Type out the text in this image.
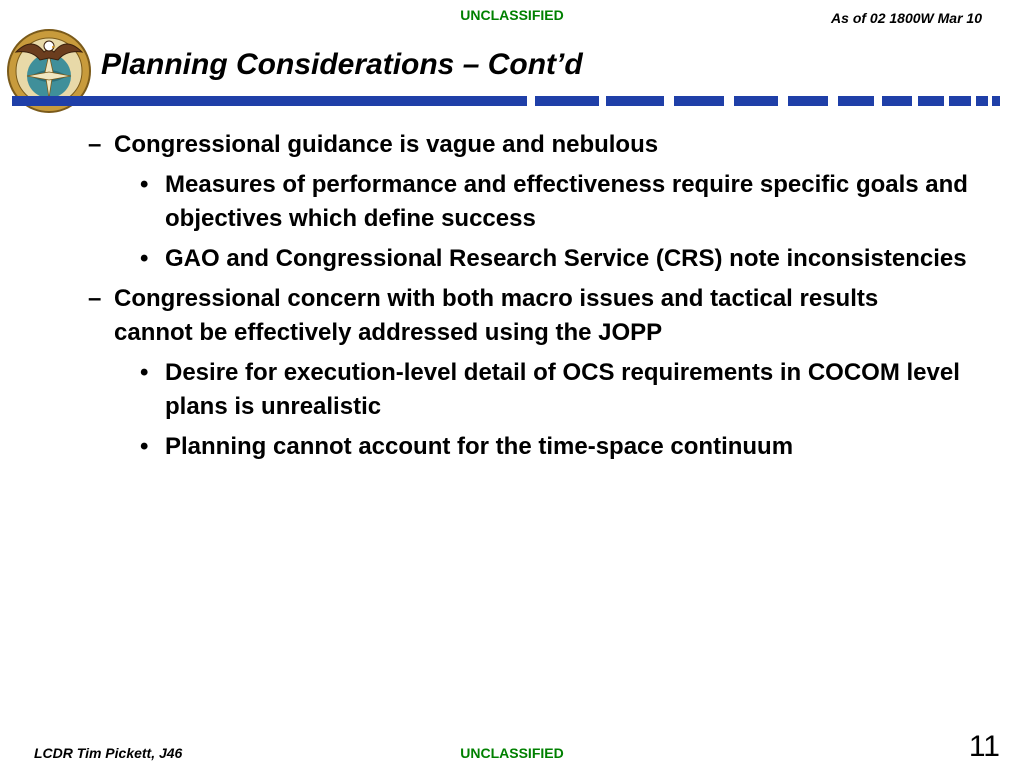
UNCLASSIFIED	As of 02 1800W Mar 10
Planning Considerations – Cont’d
– Congressional guidance is vague and nebulous
• Measures of performance and effectiveness require specific goals and objectives which define success
• GAO and Congressional Research Service (CRS) note inconsistencies
– Congressional concern with both macro issues and tactical results cannot be effectively addressed using the JOPP
• Desire for execution-level detail of OCS requirements in COCOM level plans is unrealistic
• Planning cannot account for the time-space continuum
LCDR Tim Pickett, J46	UNCLASSIFIED	11
